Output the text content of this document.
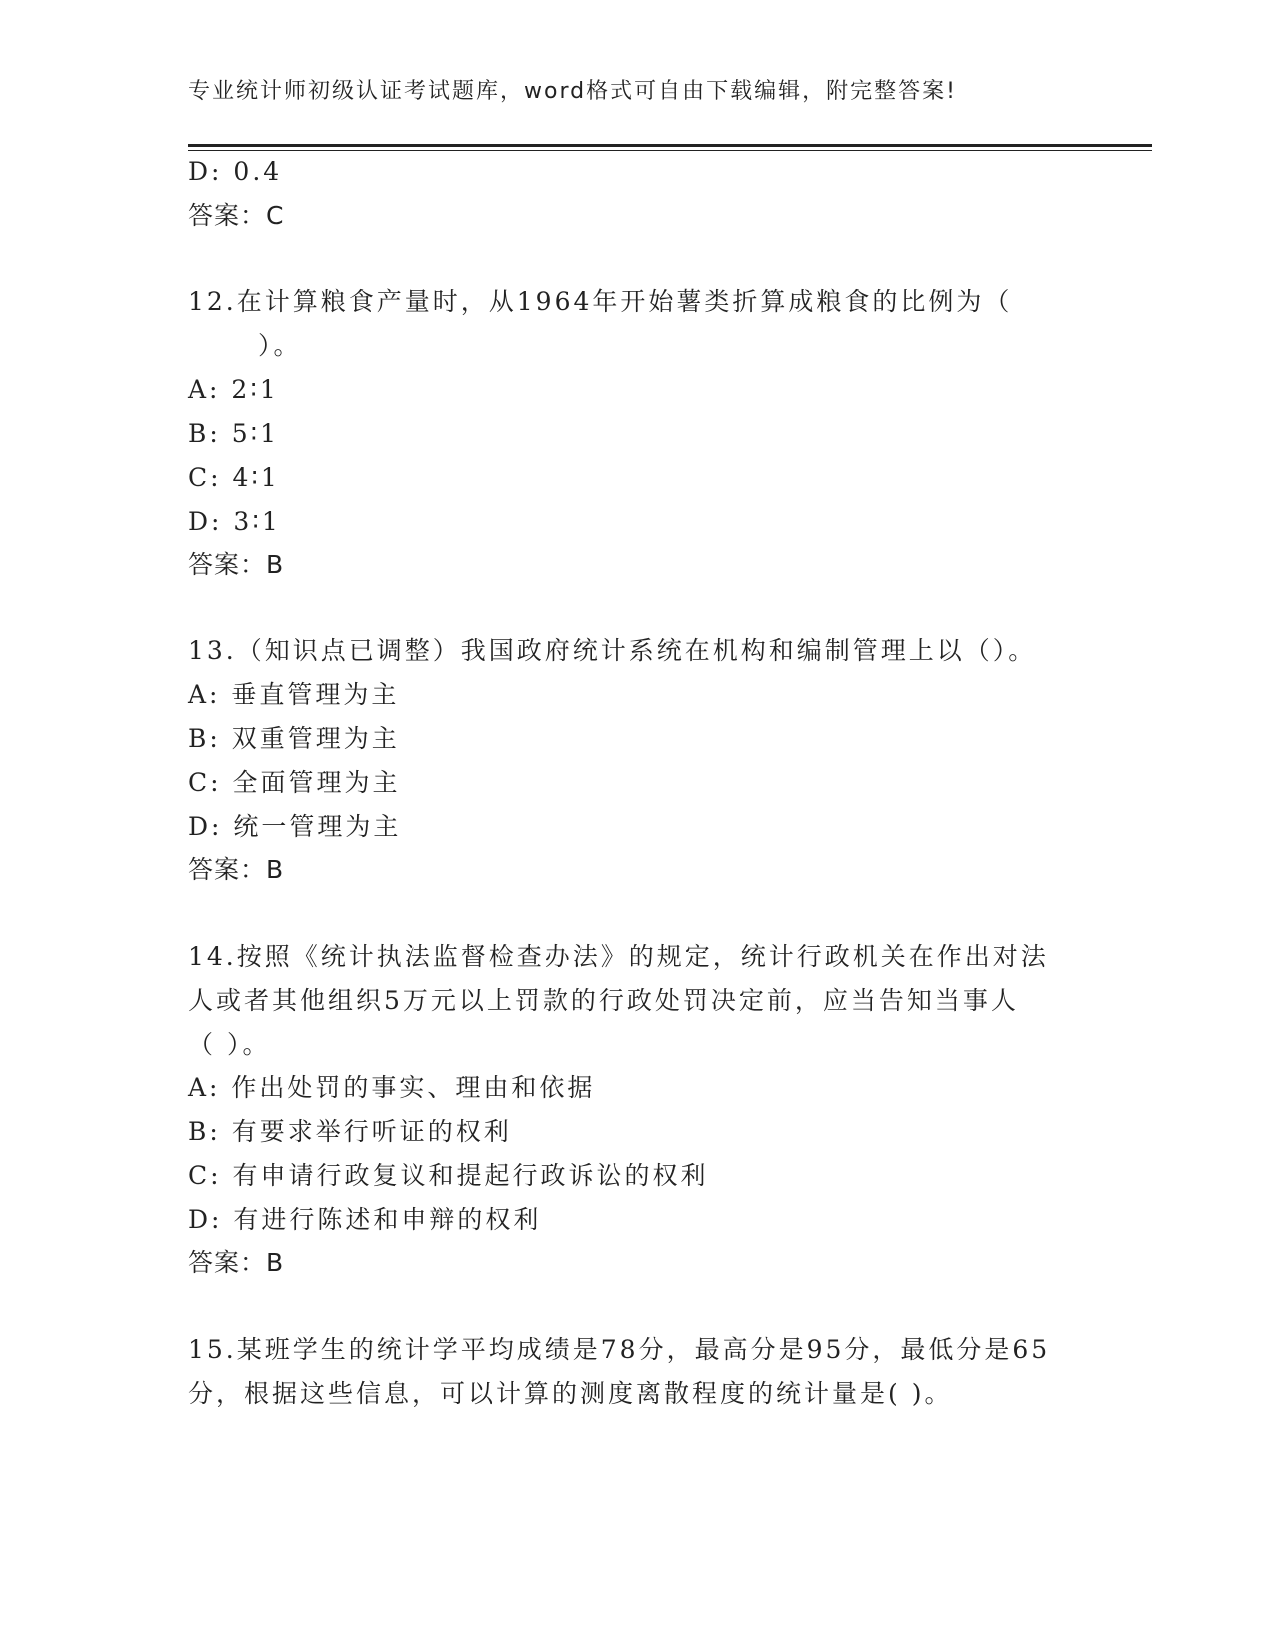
专业统计师初级认证考试题库，word格式可自由下载编辑，附完整答案!
D: 0.4
答案：C
12.在计算粮食产量时，从1964年开始薯类折算成粮食的比例为（
）。
A: 2∶1
B: 5∶1
C: 4∶1
D: 3∶1
答案：B
13.（知识点已调整）我国政府统计系统在机构和编制管理上以（）。
A: 垂直管理为主
B: 双重管理为主
C: 全面管理为主
D: 统一管理为主
答案：B
14.按照《统计执法监督检查办法》的规定，统计行政机关在作出对法
人或者其他组织5万元以上罚款的行政处罚决定前，应当告知当事人
（ ）。
A: 作出处罚的事实、理由和依据
B: 有要求举行听证的权利
C: 有申请行政复议和提起行政诉讼的权利
D: 有进行陈述和申辩的权利
答案：B
15.某班学生的统计学平均成绩是78分，最高分是95分，最低分是65
分，根据这些信息，可以计算的测度离散程度的统计量是( )。
